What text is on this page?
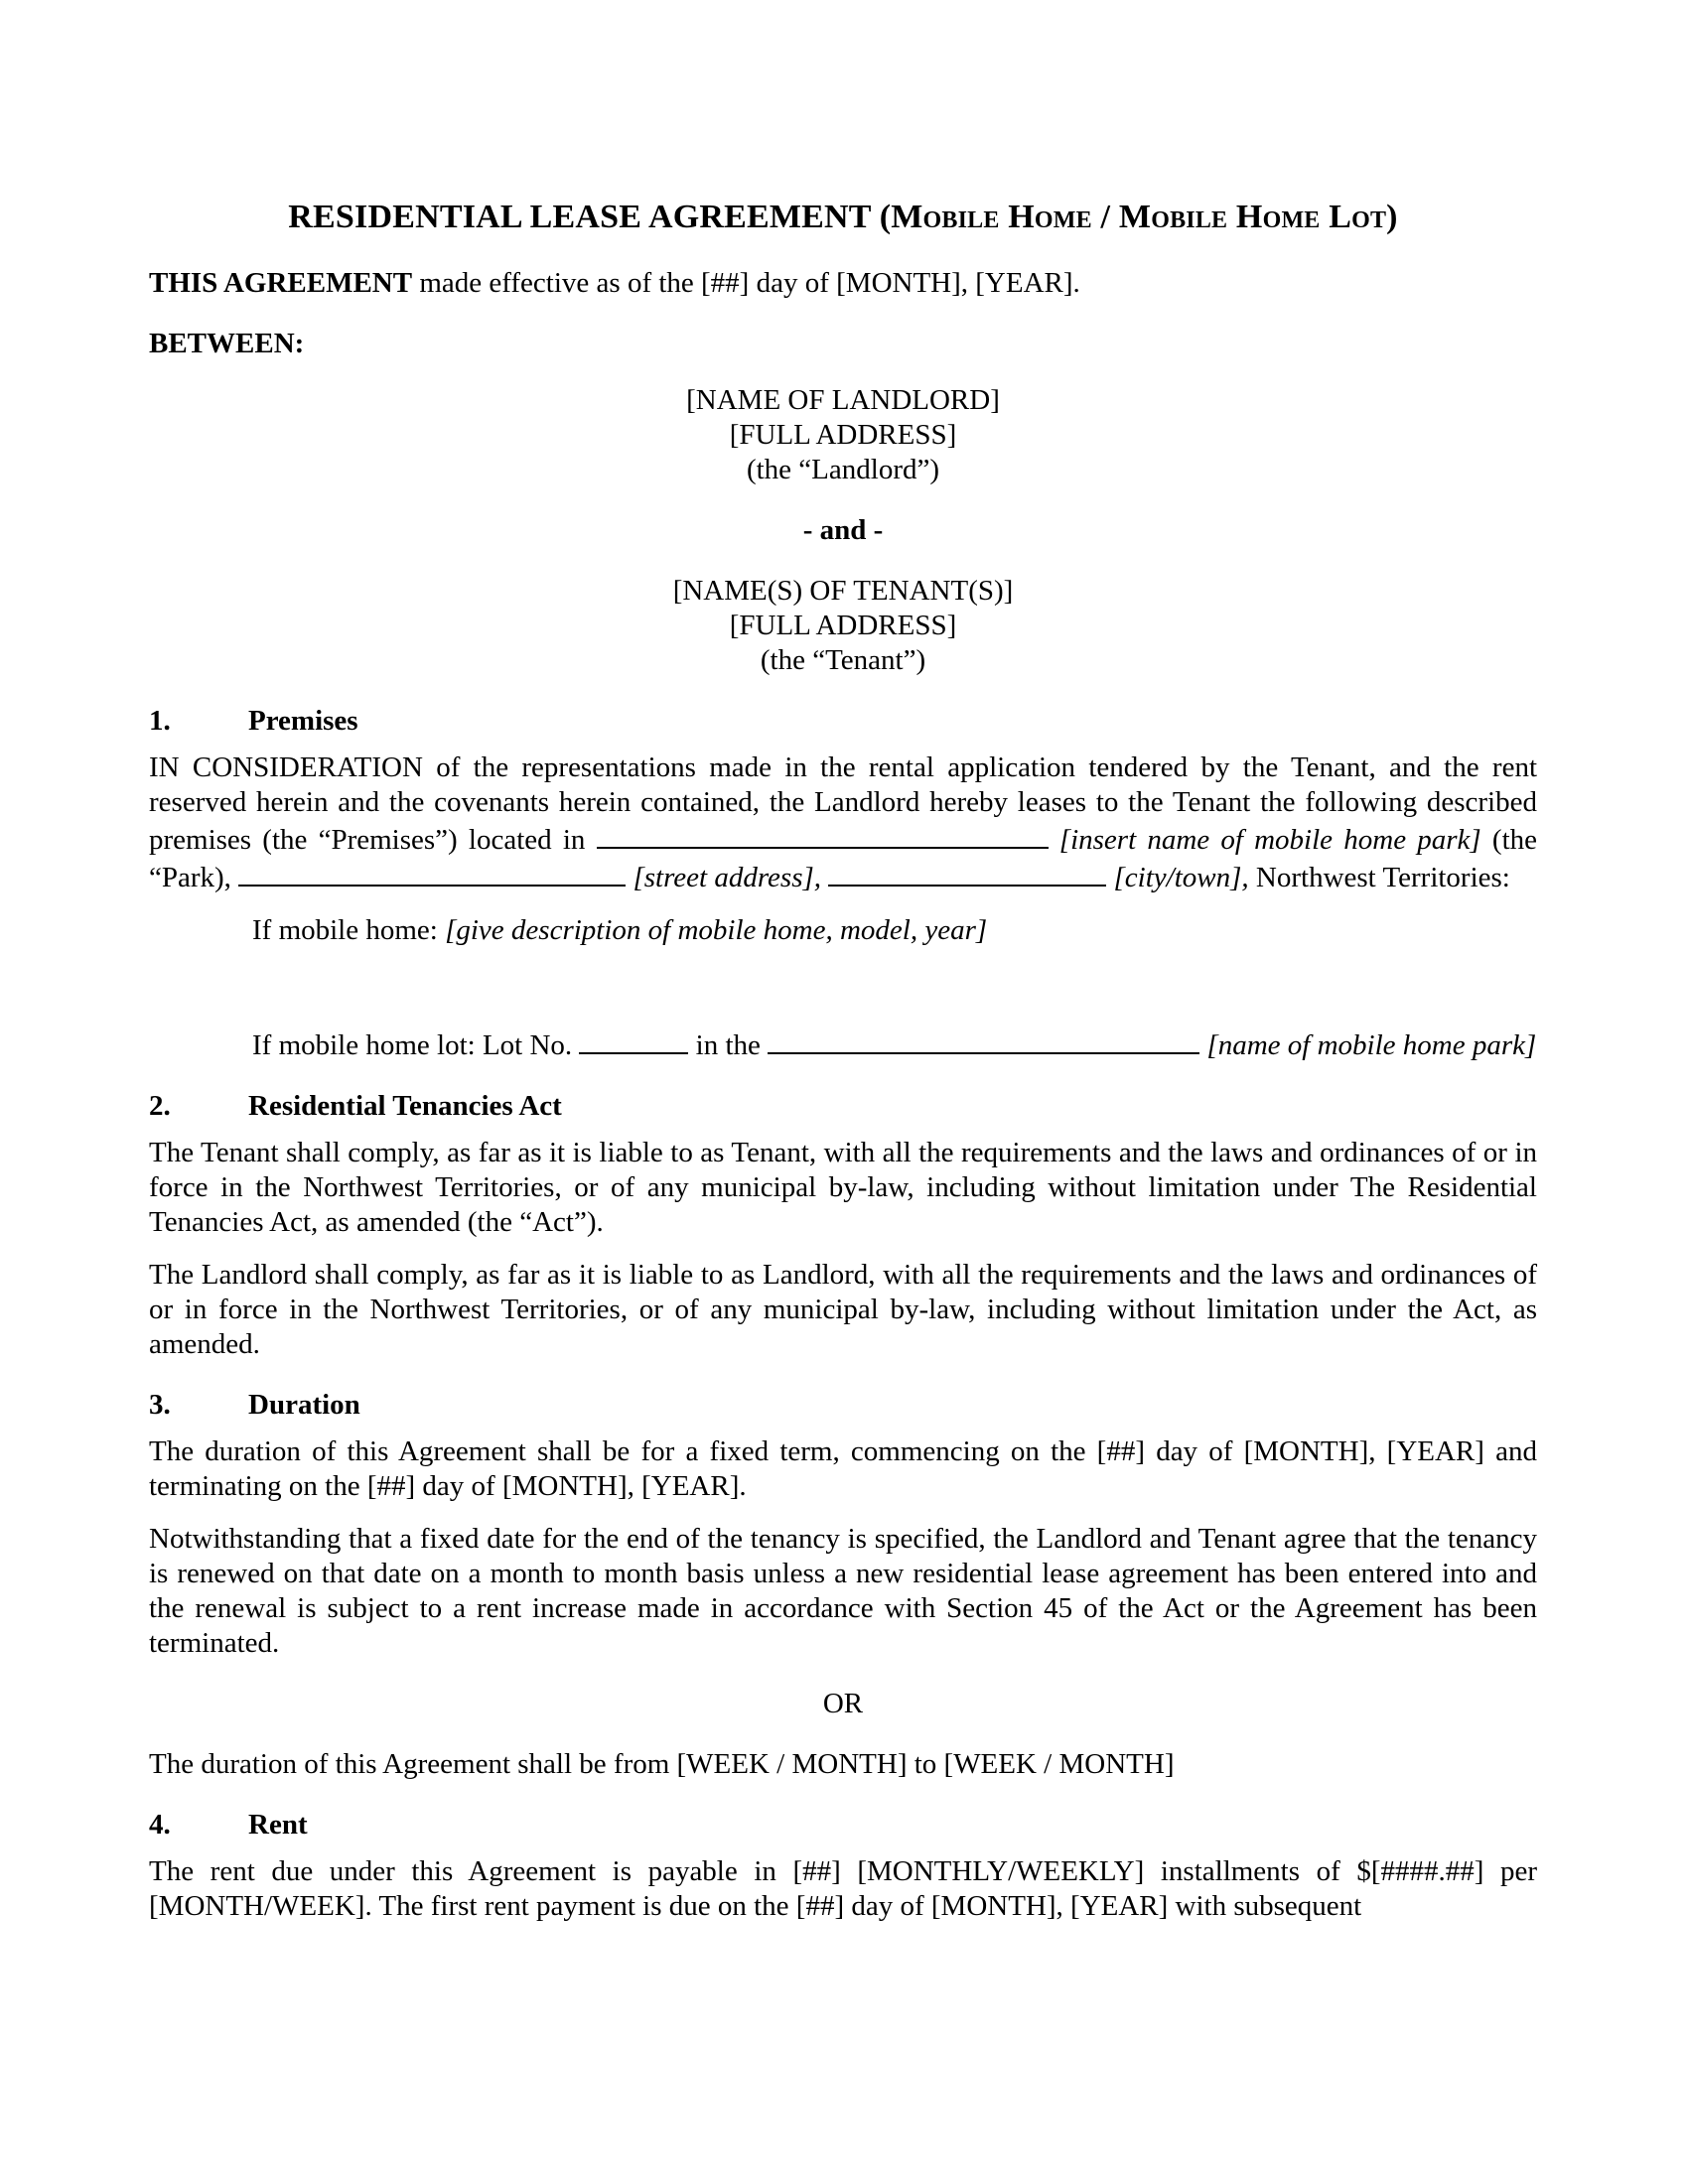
RESIDENTIAL LEASE AGREEMENT (Mobile Home / Mobile Home Lot)

THIS AGREEMENT made effective as of the [##] day of [MONTH], [YEAR].

BETWEEN:

[NAME OF LANDLORD]
[FULL ADDRESS]
(the “Landlord”)
- and -
[NAME(S) OF TENANT(S)]
[FULL ADDRESS]
(the “Tenant”)
1.	Premises

IN CONSIDERATION of the representations made in the rental application tendered by the Tenant, and the rent reserved herein and the covenants herein contained, the Landlord hereby leases to the Tenant the following described premises (the “Premises”) located in	[insert name of mobile home park] (the “Park),	[street address],	[city/town], Northwest Territories:

If mobile home: [give description of mobile home, model, year]

If mobile home lot: Lot No.	in the	[name of mobile home park]

2.	Residential Tenancies Act

The Tenant shall comply, as far as it is liable to as Tenant, with all the requirements and the laws and ordinances of or in force in the Northwest Territories, or of any municipal by-law, including without limitation under The Residential Tenancies Act, as amended (the “Act”).

The Landlord shall comply, as far as it is liable to as Landlord, with all the requirements and the laws and ordinances of or in force in the Northwest Territories, or of any municipal by-law, including without limitation under the Act, as amended.

3.	Duration

The duration of this Agreement shall be for a fixed term, commencing on the [##] day of [MONTH], [YEAR] and terminating on the [##] day of [MONTH], [YEAR].

Notwithstanding that a fixed date for the end of the tenancy is specified, the Landlord and Tenant agree that the tenancy is renewed on that date on a month to month basis unless a new residential lease agreement has been entered into and the renewal is subject to a rent increase made in accordance with Section 45 of the Act or the Agreement has been terminated.

OR

The duration of this Agreement shall be from [WEEK / MONTH] to [WEEK / MONTH]

4.	Rent

The rent due under this Agreement is payable in [##] [MONTHLY/WEEKLY] installments of $[####.##] per [MONTH/WEEK]. The first rent payment is due on the [##] day of [MONTH], [YEAR] with subsequent
